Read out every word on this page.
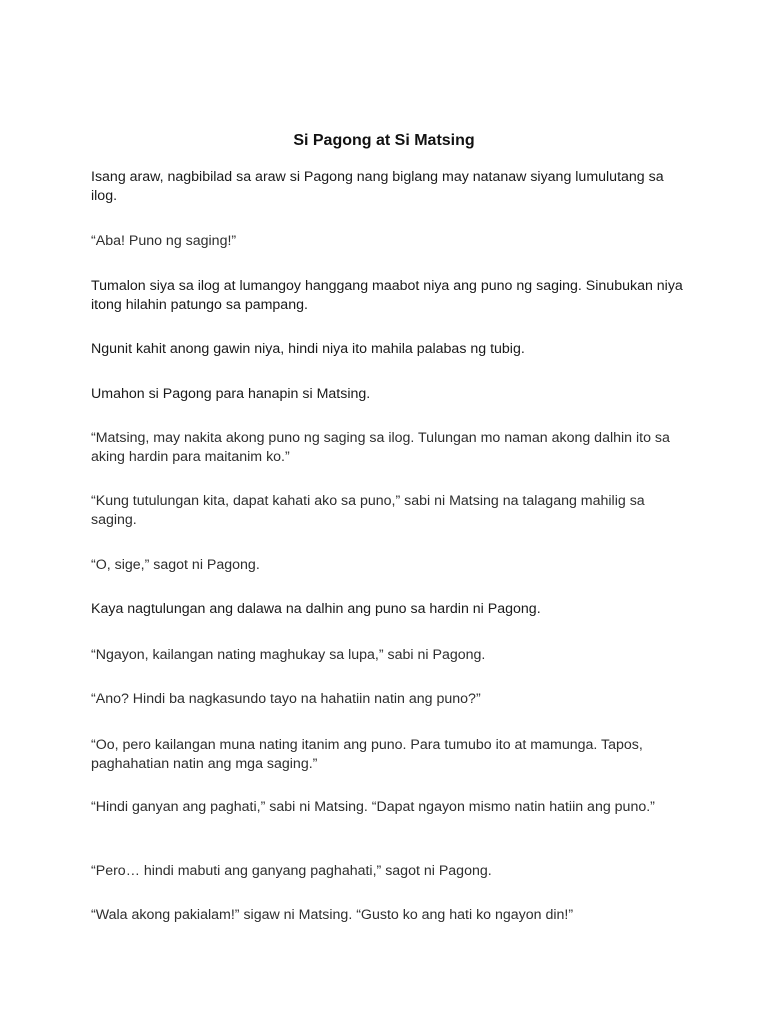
Si Pagong at Si Matsing

Isang araw, nagbibilad sa araw si Pagong nang biglang may natanaw siyang lumulutang sa ilog.

“Aba! Puno ng saging!”

Tumalon siya sa ilog at lumangoy hanggang maabot niya ang puno ng saging. Sinubukan niya itong hilahin patungo sa pampang.

Ngunit kahit anong gawin niya, hindi niya ito mahila palabas ng tubig.

Umahon si Pagong para hanapin si Matsing.

“Matsing, may nakita akong puno ng saging sa ilog. Tulungan mo naman akong dalhin ito sa aking hardin para maitanim ko.”

“Kung tutulungan kita, dapat kahati ako sa puno,” sabi ni Matsing na talagang mahilig sa saging.

“O, sige,” sagot ni Pagong.

Kaya nagtulungan ang dalawa na dalhin ang puno sa hardin ni Pagong.

“Ngayon, kailangan nating maghukay sa lupa,” sabi ni Pagong.

“Ano? Hindi ba nagkasundo tayo na hahatiin natin ang puno?”

“Oo, pero kailangan muna nating itanim ang puno. Para tumubo ito at mamunga. Tapos, paghahatian natin ang mga saging.”

“Hindi ganyan ang paghati,” sabi ni Matsing. “Dapat ngayon mismo natin hatiin ang puno.”

“Pero… hindi mabuti ang ganyang paghahati,” sagot ni Pagong.

“Wala akong pakialam!” sigaw ni Matsing. “Gusto ko ang hati ko ngayon din!”
